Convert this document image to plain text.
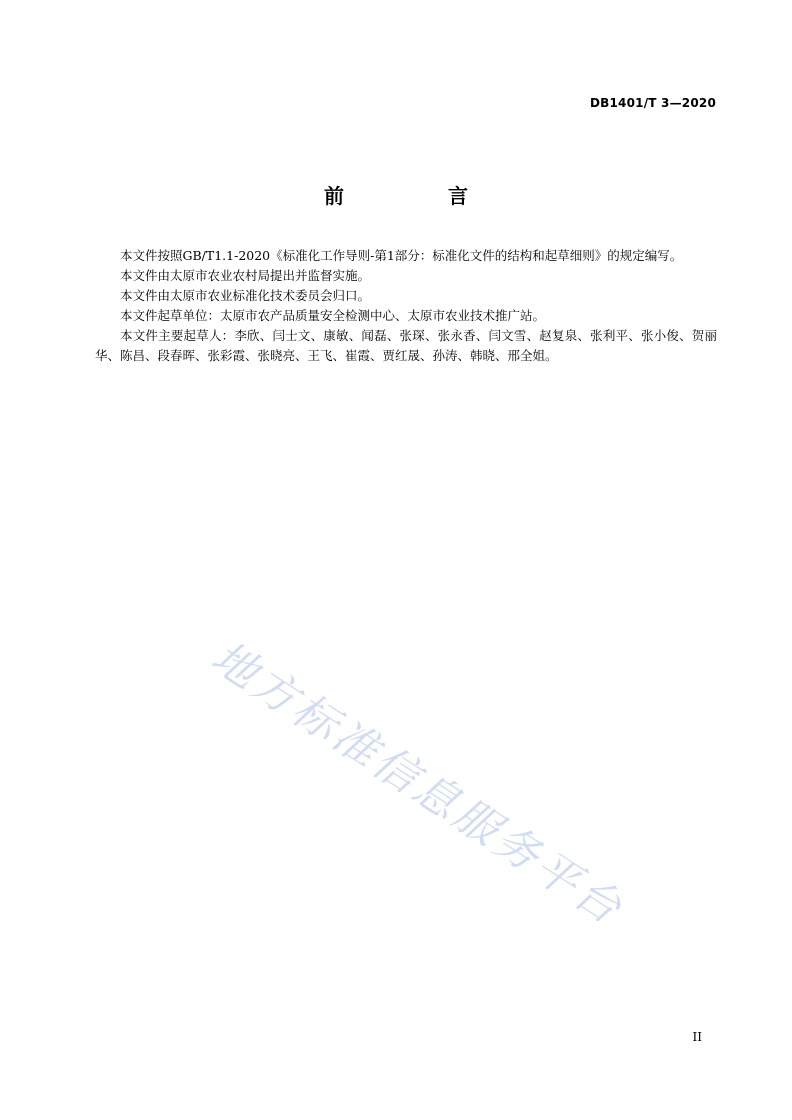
DB1401/T 3—2020
前　言

本文件按照GB/T1.1-2020《标准化工作导则-第1部分：标准化文件的结构和起草细则》的规定编写。

本文件由太原市农业农村局提出并监督实施。

本文件由太原市农业标准化技术委员会归口。

本文件起草单位：太原市农产品质量安全检测中心、太原市农业技术推广站。

本文件主要起草人：李欣、闫士文、康敏、闻磊、张琛、张永香、闫文雪、赵复泉、张利平、张小俊、贺丽华、陈昌、段春晖、张彩霞、张晓亮、王飞、崔霞、贾红晟、孙涛、韩晓、邢全姐。

地方标准信息服务平台
II
